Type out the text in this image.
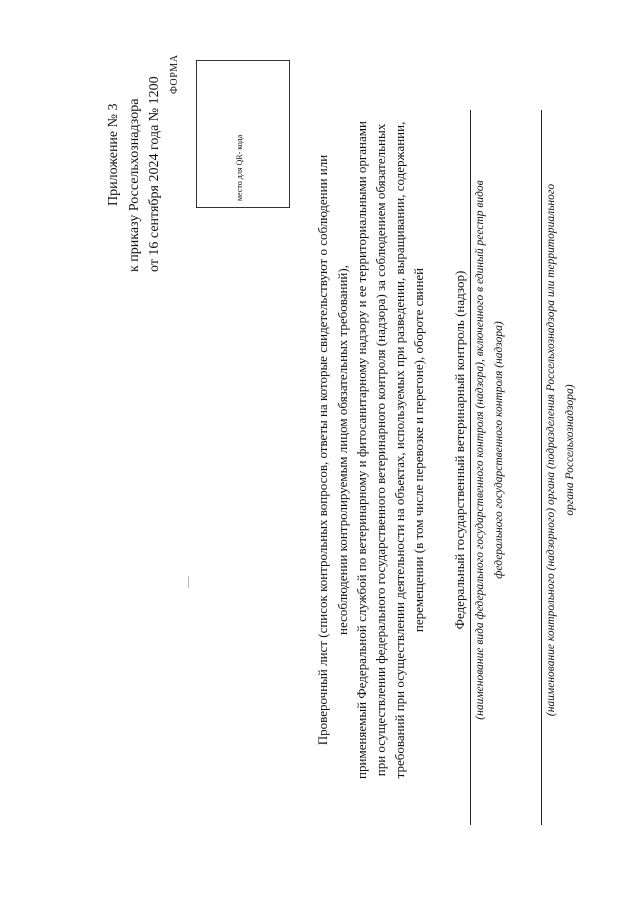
Приложение № 3 к приказу Россельхознадзора от 16 сентября 2024 года № 1200
ФОРМА
место для QR- кода	Проверочный лист (список контрольных вопросов, ответы на которые свидетельствуют о соблюдении или несоблюдении контролируемым лицом обязательных требований), применяемый Федеральной службой по ветеринарному и фитосанитарному надзору и ее территориальными органами при осуществлении федерального государственного ветеринарного контроля (надзора) за соблюдением обязательных требований при осуществлении деятельности на объектах, используемых при разведении, выращивании, содержании, перемещении (в том числе перевозке и перегоне), обороте свиней Федеральный государственный ветеринарный контроль (надзор) (наименование вида федерального государственного контроля (надзора), включенного в единый реестр видов федерального государственного контроля (надзора)	(наименование контрольного (надзорного) органа (подразделения Россельхознадзора или территориального органа Россельхознадзора)
